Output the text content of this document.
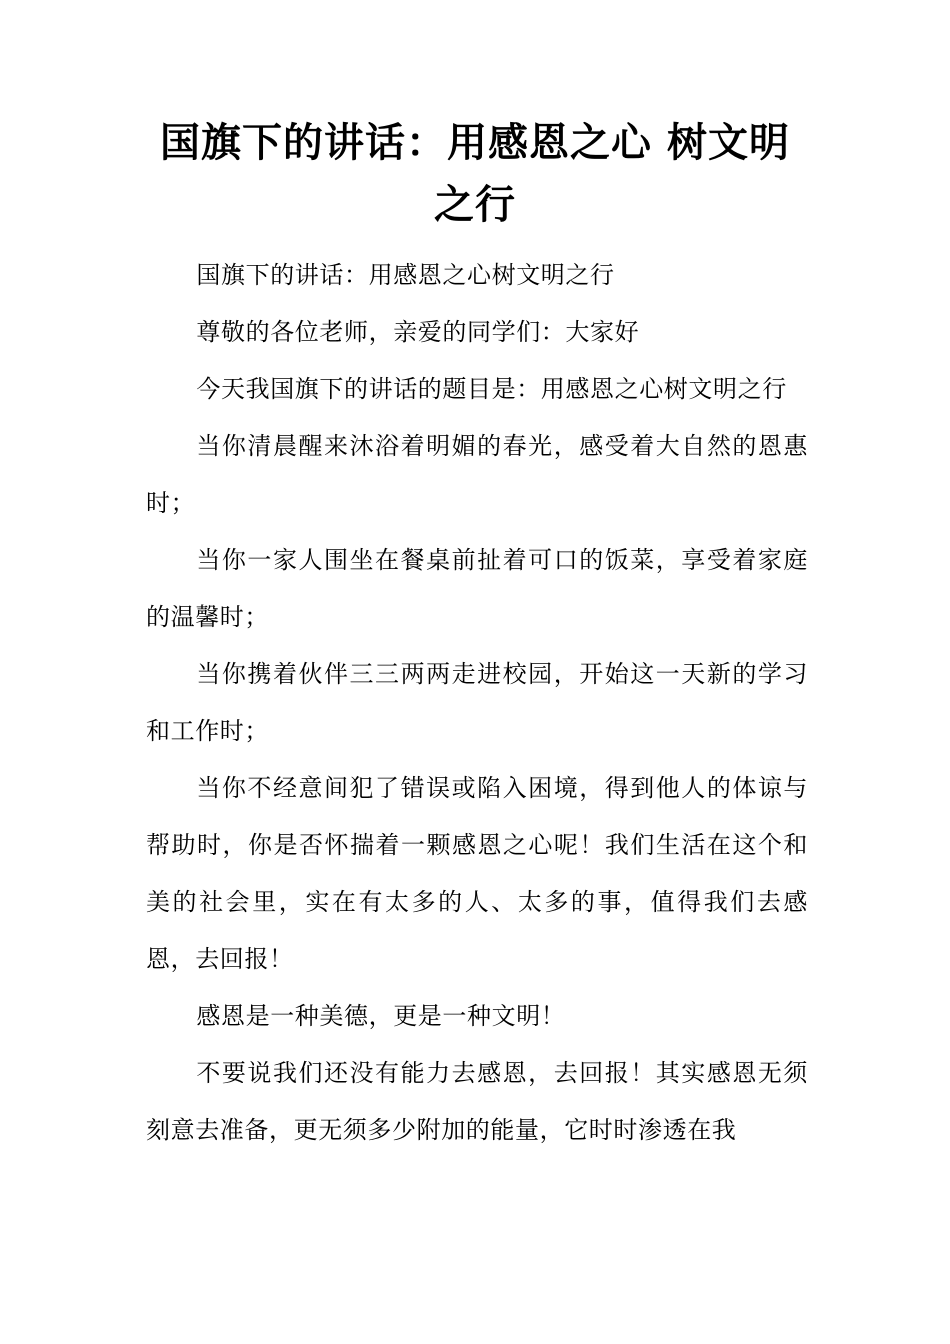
国旗下的讲话：用感恩之心 树文明之行

国旗下的讲话：用感恩之心树文明之行

尊敬的各位老师，亲爱的同学们：大家好

今天我国旗下的讲话的题目是：用感恩之心树文明之行

当你清晨醒来沐浴着明媚的春光，感受着大自然的恩惠时；

当你一家人围坐在餐桌前扯着可口的饭菜，享受着家庭的温馨时；

当你携着伙伴三三两两走进校园，开始这一天新的学习和工作时；

当你不经意间犯了错误或陷入困境，得到他人的体谅与帮助时，你是否怀揣着一颗感恩之心呢！我们生活在这个和美的社会里，实在有太多的人、太多的事，值得我们去感恩，去回报！

感恩是一种美德，更是一种文明！

不要说我们还没有能力去感恩，去回报！其实感恩无须刻意去准备，更无须多少附加的能量，它时时渗透在我
